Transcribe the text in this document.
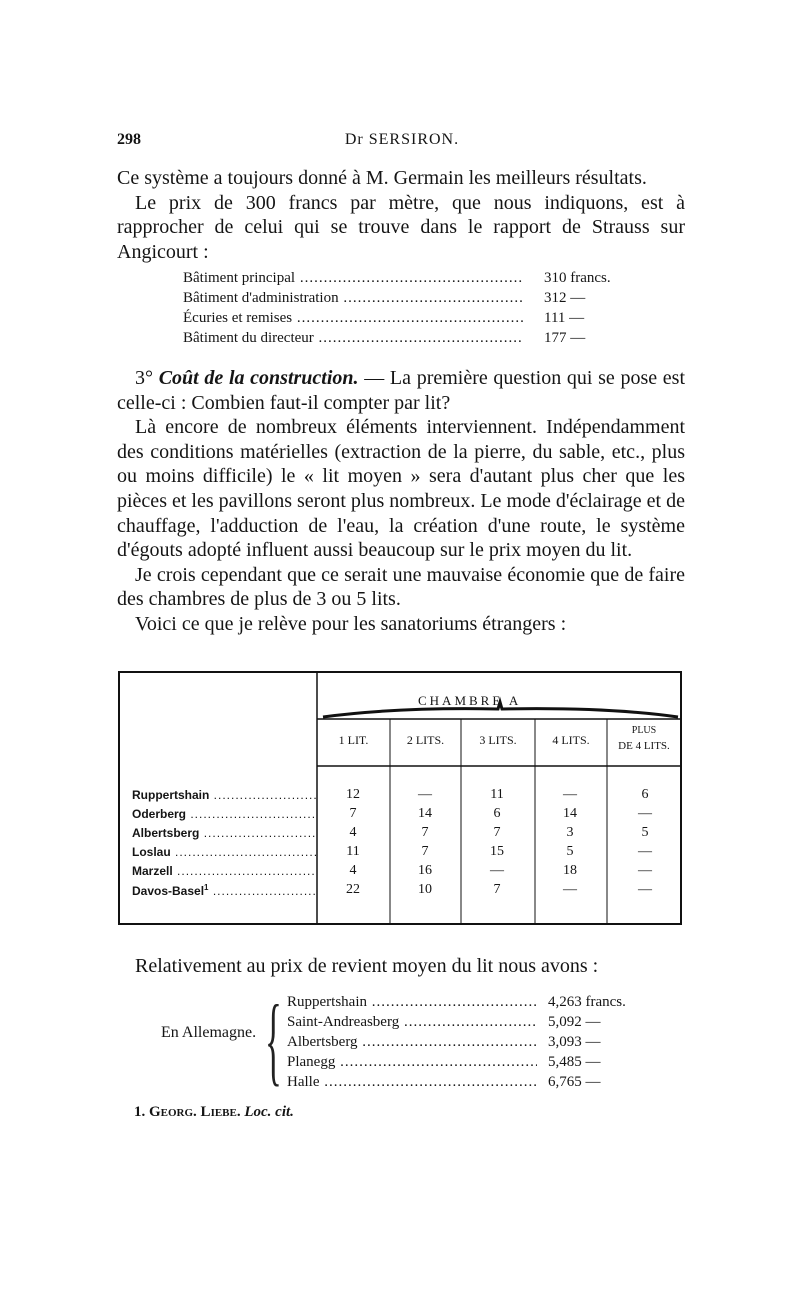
298	Dr SERSIRON.

Ce système a toujours donné à M. Germain les meilleurs résultats.

Le prix de 300 francs par mètre, que nous indiquons, est à rapprocher de celui qui se trouve dans le rapport de Strauss sur Angicourt :

Bâtiment principal .....	310 francs.
Bâtiment d'administration .....	312 —
Écuries et remises .....	111 —
Bâtiment du directeur .....	177 —

3° Coût de la construction. — La première question qui se pose est celle-ci : Combien faut-il compter par lit?

Là encore de nombreux éléments interviennent. Indépendamment des conditions matérielles (extraction de la pierre, du sable, etc., plus ou moins difficile) le « lit moyen » sera d'autant plus cher que les pièces et les pavillons seront plus nombreux. Le mode d'éclairage et de chauffage, l'adduction de l'eau, la création d'une route, le système d'égouts adopté influent aussi beaucoup sur le prix moyen du lit.

Je crois cependant que ce serait une mauvaise économie que de faire des chambres de plus de 3 ou 5 lits.

Voici ce que je relève pour les sanatoriums étrangers :

CHAMBRE A
1 LIT.	2 LITS.	3 LITS.	4 LITS.
PLUS
DE 4 LITS.
Ruppertshain .....	12	—	11	—	6
Oderberg .....	7	14	6	14	—
Albertsberg .....	4	7	7	3	5
Loslau .....	11	7	15	5	—
Marzell .....	4	16	—	18	—
Davos-Basel$^1$ .....	22	10	7	—	—
Relativement au prix de revient moyen du lit nous avons :
En Allemagne. { Ruppertshain .....	4,263 francs.
Saint-Andreasberg .....	5,092 —
Albertsberg .....	3,093 —
Planegg .....	5,485 —
Halle .....	6,765 —
1. Georg. Liebe. Loc. cit.
